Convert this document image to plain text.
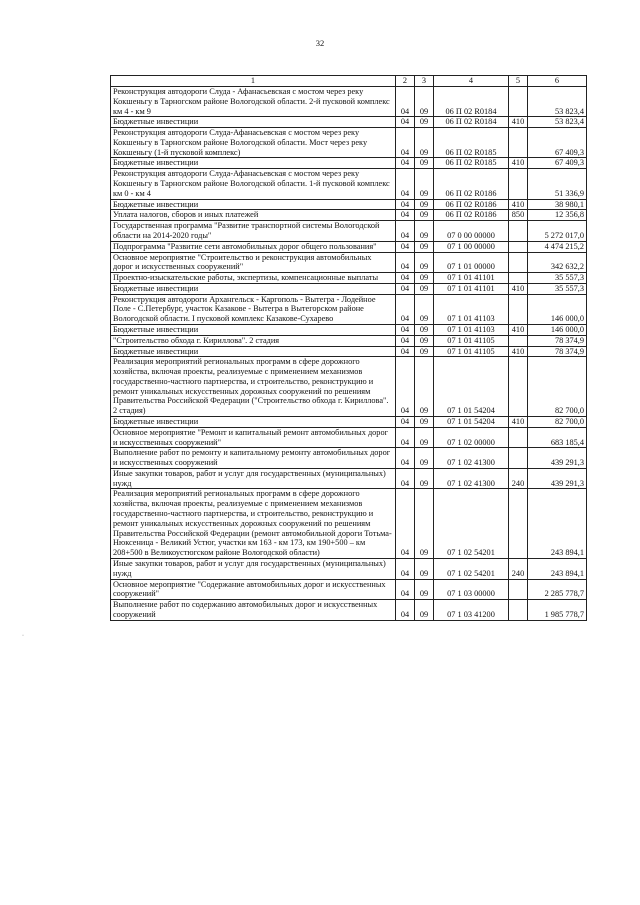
32
·
1	2	3	4	5	6
Реконструкция автодороги Слуда - Афанасьевская с мостом через реку Кокшеньгу в Тарногском районе Вологодской области. 2-й пусковой комплекс км 4 - км 9	04	09	06 П 02 R0184		53 823,4
Бюджетные инвестиции	04	09	06 П 02 R0184	410	53 823,4
Реконструкция автодороги Слуда-Афанасьевская с мостом через реку Кокшеньгу в Тарногском районе Вологодской области. Мост через реку Кокшеньгу (1-й пусковой комплекс)	04	09	06 П 02 R0185		67 409,3
Бюджетные инвестиции	04	09	06 П 02 R0185	410	67 409,3
Реконструкция автодороги Слуда-Афанасьевская с мостом через реку Кокшеньгу в Тарногском районе Вологодской области. 1-й пусковой комплекс км 0 - км 4	04	09	06 П 02 R0186		51 336,9
Бюджетные инвестиции	04	09	06 П 02 R0186	410	38 980,1
Уплата налогов, сборов и иных платежей	04	09	06 П 02 R0186	850	12 356,8
Государственная программа "Развитие транспортной системы Вологодской области на 2014-2020 годы"	04	09	07 0 00 00000		5 272 017,0
Подпрограмма "Развитие сети автомобильных дорог общего пользования"	04	09	07 1 00 00000		4 474 215,2
Основное мероприятие "Строительство и реконструкция автомобильных дорог и искусственных сооружений"	04	09	07 1 01 00000		342 632,2
Проектно-изыскательские работы, экспертизы, компенсационные выплаты	04	09	07 1 01 41101		35 557,3
Бюджетные инвестиции	04	09	07 1 01 41101	410	35 557,3
Реконструкция автодороги Архангельск - Каргополь - Вытегра - Лодейное Поле - С.Петербург, участок Казакове - Вытегра в Вытегорском районе Вологодской области. I пусковой комплекс Казакове-Сухарево	04	09	07 1 01 41103		146 000,0
Бюджетные инвестиции	04	09	07 1 01 41103	410	146 000,0
"Строительство обхода г. Кириллова". 2 стадия	04	09	07 1 01 41105		78 374,9
Бюджетные инвестиции	04	09	07 1 01 41105	410	78 374,9
Реализация мероприятий региональных программ в сфере дорожного хозяйства, включая проекты, реализуемые с применением механизмов государственно-частного партнерства, и строительство, реконструкцию и ремонт уникальных искусственных дорожных сооружений по решениям Правительства Российской Федерации ("Строительство обхода г. Кириллова". 2 стадия)	04	09	07 1 01 54204		82 700,0
Бюджетные инвестиции	04	09	07 1 01 54204	410	82 700,0
Основное мероприятие "Ремонт и капитальный ремонт автомобильных дорог и искусственных сооружений"	04	09	07 1 02 00000		683 185,4
Выполнение работ по ремонту и капитальному ремонту автомобильных дорог и искусственных сооружений	04	09	07 1 02 41300		439 291,3
Иные закупки товаров, работ и услуг для государственных (муниципальных) нужд	04	09	07 1 02 41300	240	439 291,3
Реализация мероприятий региональных программ в сфере дорожного хозяйства, включая проекты, реализуемые с применением механизмов государственно-частного партнерства, и строительство, реконструкцию и ремонт уникальных искусственных дорожных сооружений по решениям Правительства Российской Федерации (ремонт автомобильной дороги Тотьма-Нюксеница - Великий Устюг, участки км 163 - км 173, км 190+500 – км 208+500 в Великоустюгском районе Вологодской области)	04	09	07 1 02 54201		243 894,1
Иные закупки товаров, работ и услуг для государственных (муниципальных) нужд	04	09	07 1 02 54201	240	243 894,1
Основное мероприятие "Содержание автомобильных дорог и искусственных сооружений"	04	09	07 1 03 00000		2 285 778,7
Выполнение работ по содержанию автомобильных дорог и искусственных сооружений	04	09	07 1 03 41200		1 985 778,7
